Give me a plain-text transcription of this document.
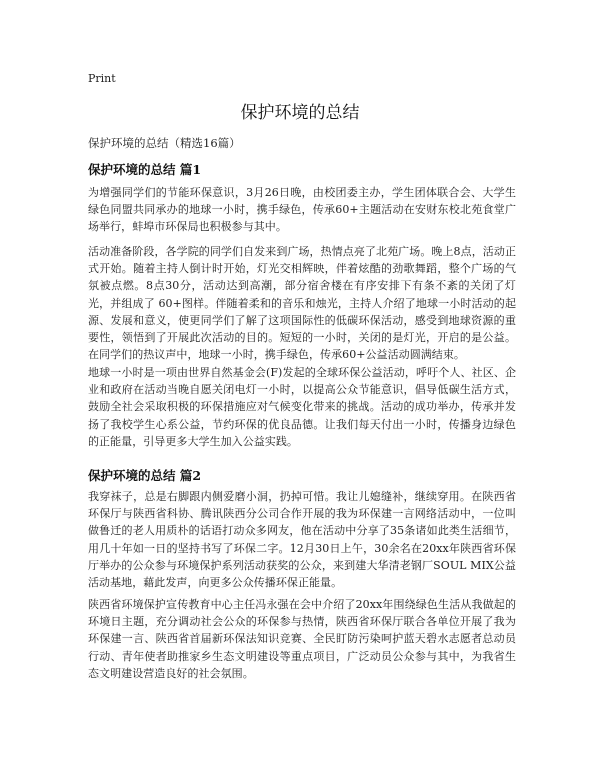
Print
保护环境的总结
保护环境的总结（精选16篇）
保护环境的总结 篇1

为增强同学们的节能环保意识，3月26日晚，由校团委主办，学生团体联合会、大学生绿色同盟共同承办的地球一小时，携手绿色，传承60+主题活动在安财东校北苑食堂广场举行，蚌埠市环保局也积极参与其中。

活动准备阶段，各学院的同学们自发来到广场，热情点亮了北苑广场。晚上8点，活动正式开始。随着主持人倒计时开始，灯光交相辉映，伴着炫酷的劲歌舞蹈，整个广场的气氛被点燃。8点30分，活动达到高潮，部分宿舍楼在有序安排下有条不紊的关闭了灯光，并组成了 60+图样。伴随着柔和的音乐和烛光，主持人介绍了地球一小时活动的起源、发展和意义，使更同学们了解了这项国际性的低碳环保活动，感受到地球资源的重要性，领悟到了开展此次活动的目的。短短的一小时，关闭的是灯光，开启的是公益。在同学们的热议声中，地球一小时，携手绿色，传承60+公益活动圆满结束。

地球一小时是一项由世界自然基金会(F)发起的全球环保公益活动，呼吁个人、社区、企业和政府在活动当晚自愿关闭电灯一小时，以提高公众节能意识，倡导低碳生活方式，鼓励全社会采取积极的环保措施应对气候变化带来的挑战。活动的成功举办，传承并发扬了我校学生心系公益，节约环保的优良品德。让我们每天付出一小时，传播身边绿色的正能量，引导更多大学生加入公益实践。

保护环境的总结 篇2

我穿袜子，总是右脚跟内侧爱磨小洞，扔掉可惜。我让儿媳缝补，继续穿用。在陕西省环保厅与陕西省科协、腾讯陕西分公司合作开展的我为环保建一言网络活动中，一位叫做鲁迁的老人用质朴的话语打动众多网友，他在活动中分享了35条诸如此类生活细节，用几十年如一日的坚持书写了环保二字。12月30日上午，30余名在20xx年陕西省环保厅举办的公众参与环境保护系列活动获奖的公众，来到建大华清老钢厂SOUL MIX公益活动基地，藉此发声，向更多公众传播环保正能量。

陕西省环境保护宣传教育中心主任冯永强在会中介绍了20xx年围绕绿色生活从我做起的环境日主题，充分调动社会公众的环保参与热情，陕西省环保厅联合各单位开展了我为环保建一言、陕西省首届新环保法知识竞赛、全民盯防污染呵护蓝天碧水志愿者总动员行动、青年使者助推家乡生态文明建设等重点项目，广泛动员公众参与其中，为我省生态文明建设营造良好的社会氛围。
